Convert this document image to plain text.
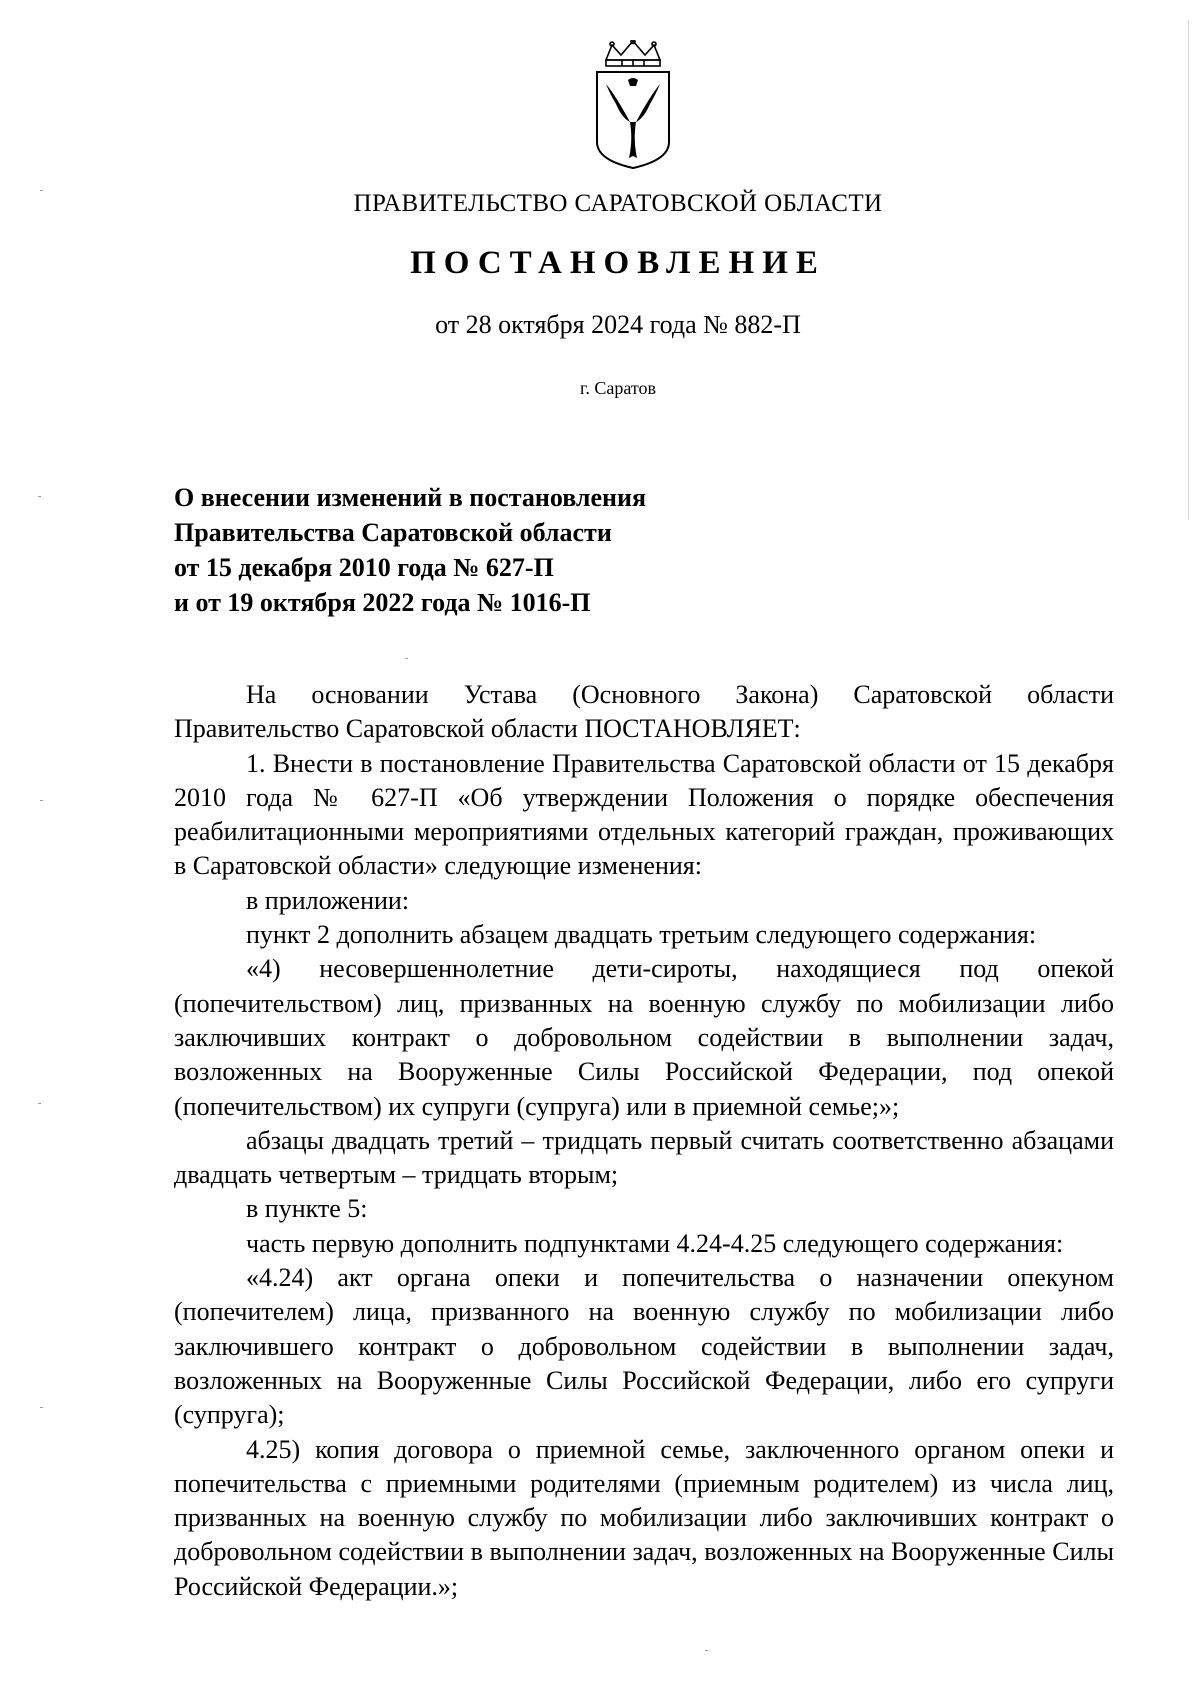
ПРАВИТЕЛЬСТВО САРАТОВСКОЙ ОБЛАСТИ
ПОСТАНОВЛЕНИЕ
от 28 октября 2024 года № 882-П
г. Саратов
О внесении изменений в постановления
Правительства Саратовской области
от 15 декабря 2010 года № 627-П
и от 19 октября 2022 года № 1016-П

На основании Устава (Основного Закона) Саратовской области Правительство Саратовской области ПОСТАНОВЛЯЕТ:

1. Внести в постановление Правительства Саратовской области от 15 декабря 2010 года № 627-П «Об утверждении Положения о порядке обеспечения реабилитационными мероприятиями отдельных категорий граждан, проживающих в Саратовской области» следующие изменения:

в приложении:

пункт 2 дополнить абзацем двадцать третьим следующего содержания:

«4) несовершеннолетние дети-сироты, находящиеся под опекой (попечительством) лиц, призванных на военную службу по мобилизации либо заключивших контракт о добровольном содействии в выполнении задач, возложенных на Вооруженные Силы Российской Федерации, под опекой (попечительством) их супруги (супруга) или в приемной семье;»;

абзацы двадцать третий – тридцать первый считать соответственно абзацами двадцать четвертым – тридцать вторым;

в пункте 5:

часть первую дополнить подпунктами 4.24-4.25 следующего содержания:

«4.24) акт органа опеки и попечительства о назначении опекуном (попечителем) лица, призванного на военную службу по мобилизации либо заключившего контракт о добровольном содействии в выполнении задач, возложенных на Вооруженные Силы Российской Федерации, либо его супруги (супруга);

4.25) копия договора о приемной семье, заключенного органом опеки и попечительства с приемными родителями (приемным родителем) из числа лиц, призванных на военную службу по мобилизации либо заключивших контракт о добровольном содействии в выполнении задач, возложенных на Вооруженные Силы Российской Федерации.»;
